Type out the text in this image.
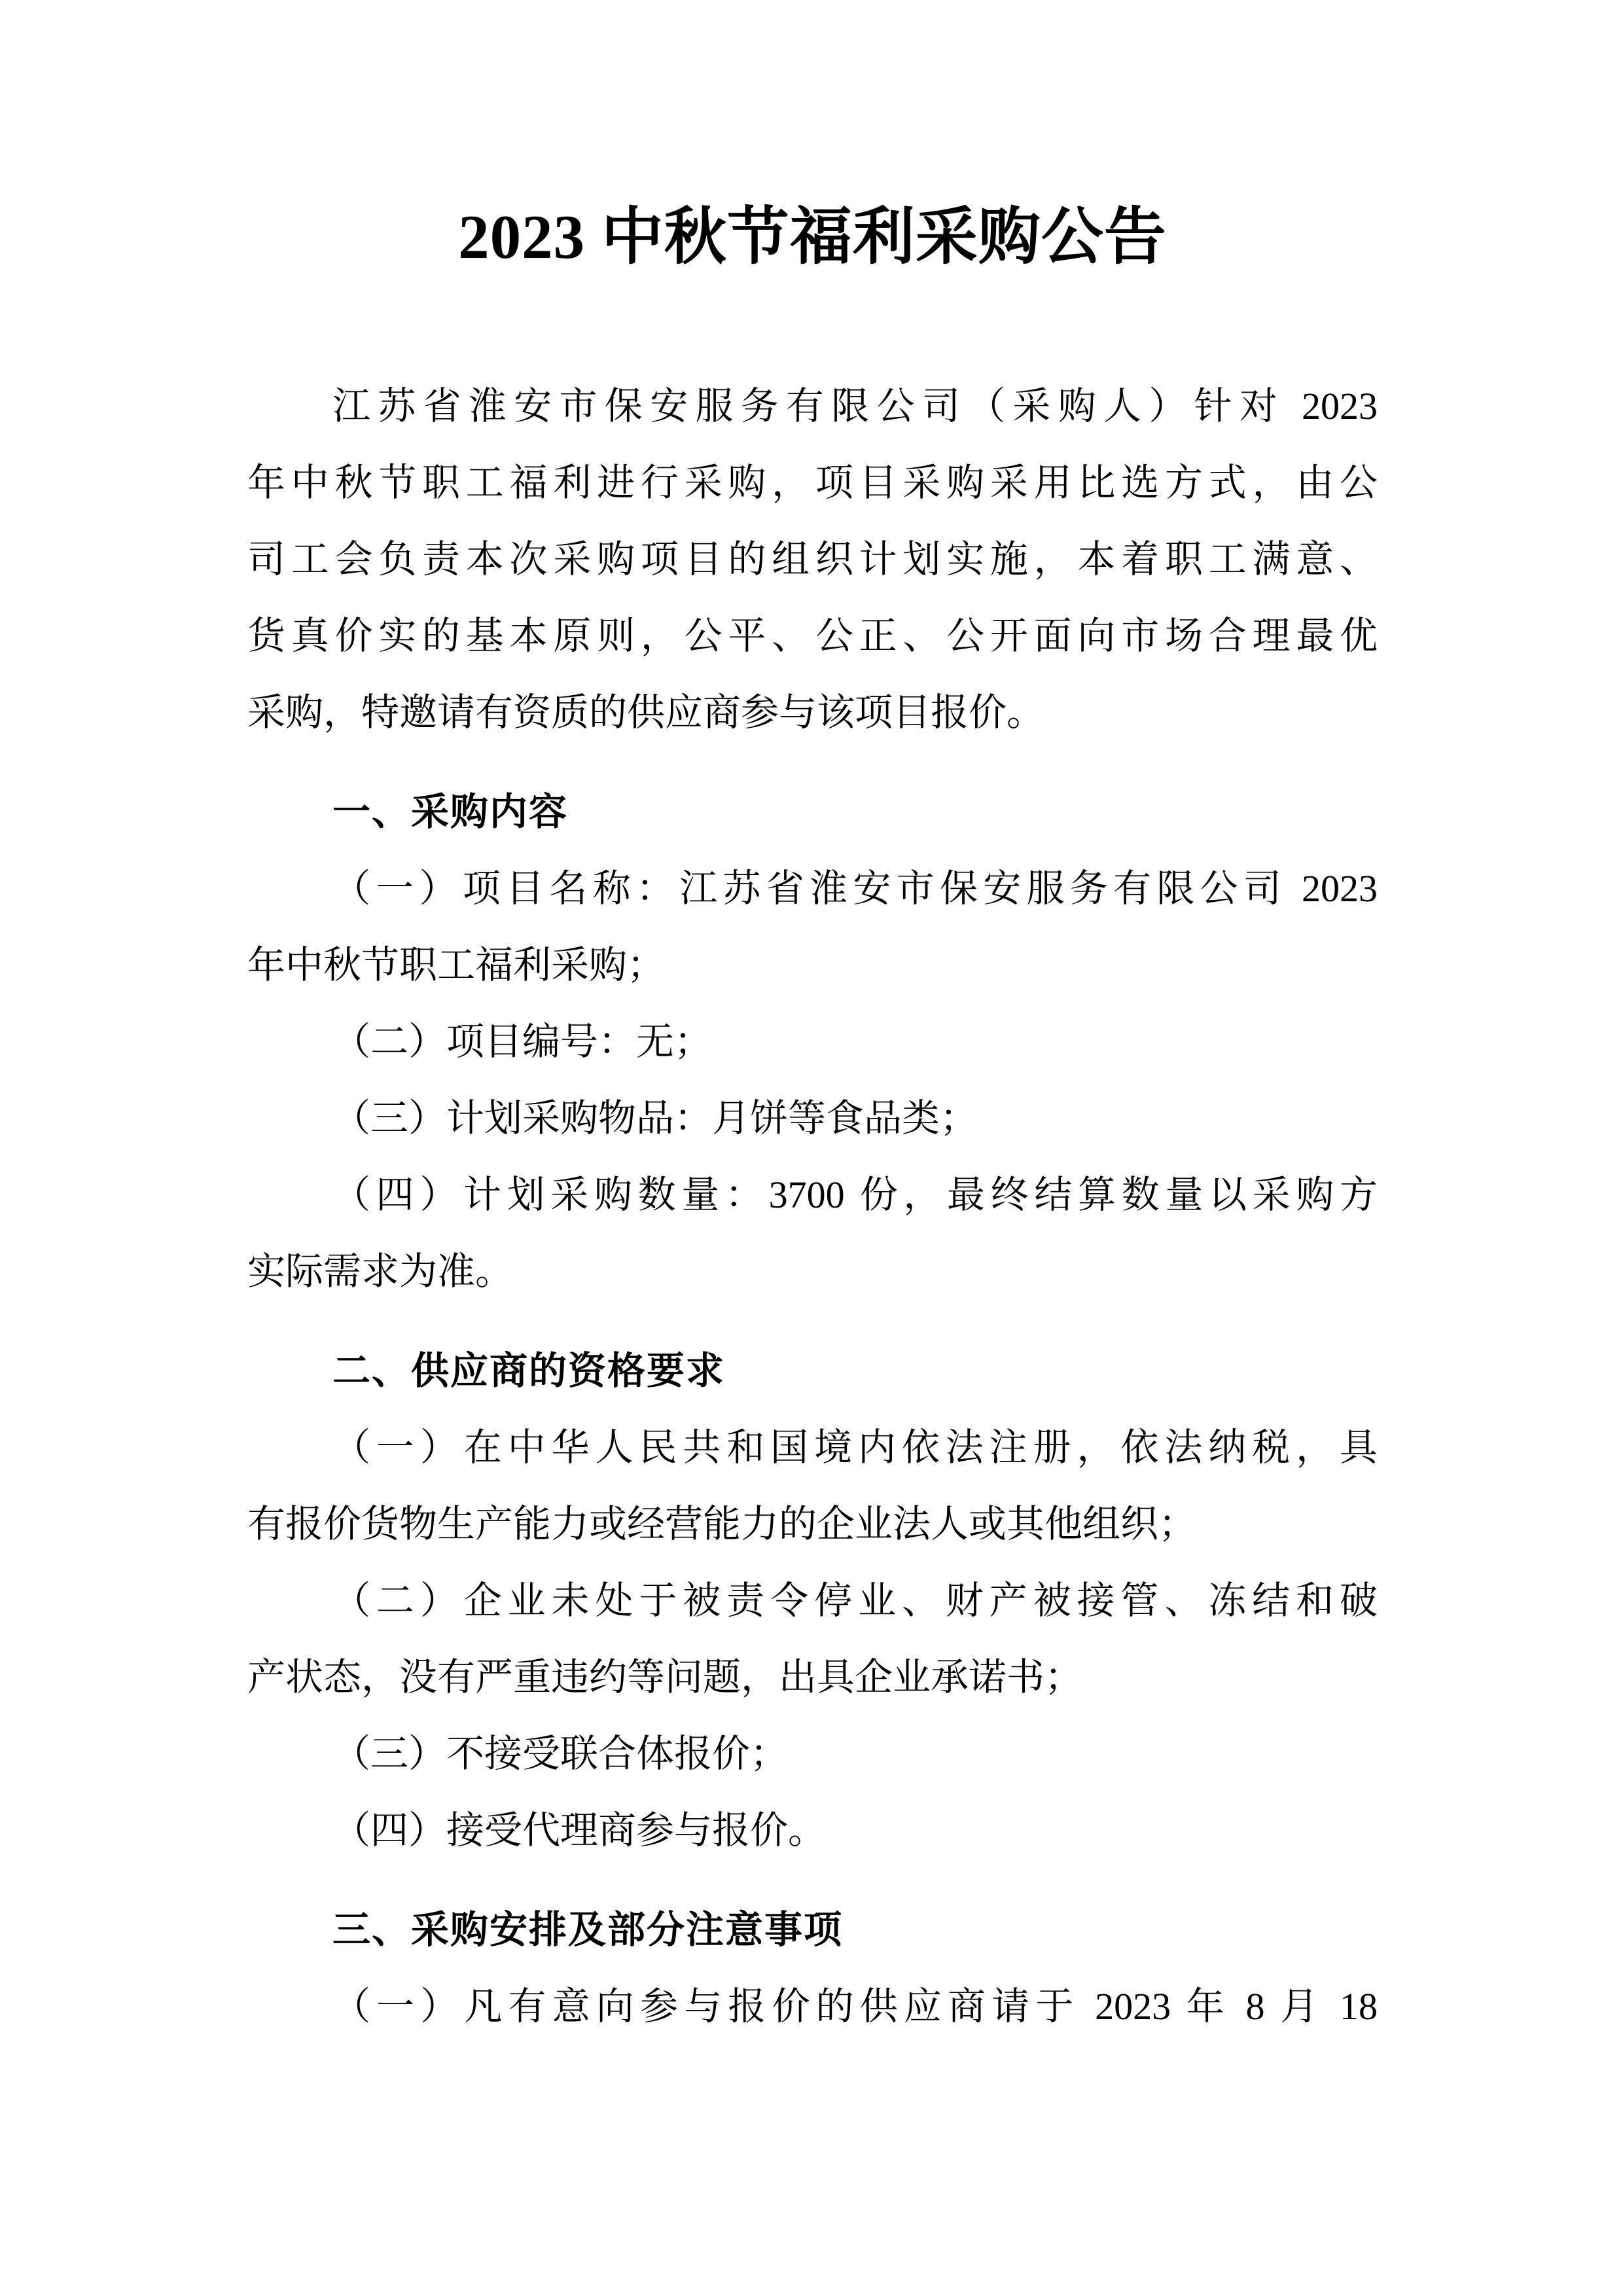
2023 中秋节福利采购公告
江苏省淮安市保安服务有限公司（采购人）针对 2023
年中秋节职工福利进行采购，项目采购采用比选方式，由公
司工会负责本次采购项目的组织计划实施，本着职工满意、
货真价实的基本原则，公平、公正、公开面向市场合理最优
采购，特邀请有资质的供应商参与该项目报价。
一、采购内容
（一）项目名称：江苏省淮安市保安服务有限公司 2023
年中秋节职工福利采购；
（二）项目编号：无；
（三）计划采购物品：月饼等食品类；
（四）计划采购数量：3700 份，最终结算数量以采购方
实际需求为准。
二、供应商的资格要求
（一）在中华人民共和国境内依法注册，依法纳税，具
有报价货物生产能力或经营能力的企业法人或其他组织；
（二）企业未处于被责令停业、财产被接管、冻结和破
产状态，没有严重违约等问题，出具企业承诺书；
（三）不接受联合体报价；
（四）接受代理商参与报价。
三、采购安排及部分注意事项
（一）凡有意向参与报价的供应商请于 2023 年 8 月 18
